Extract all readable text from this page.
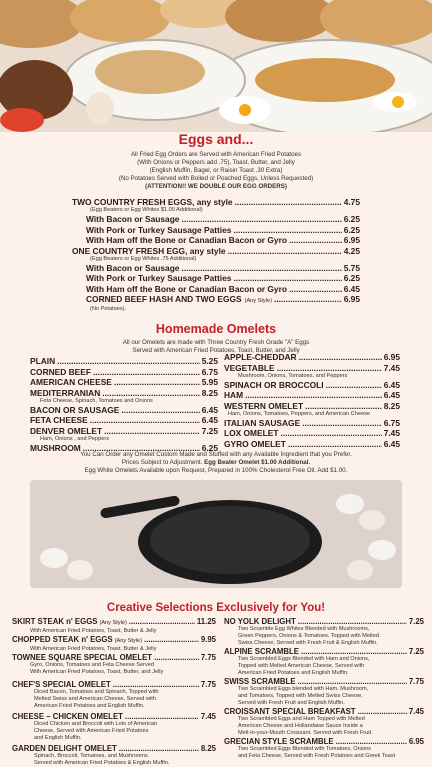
Eggs and...
All Fried Egg Orders are Served with American Fried Potatoes
(With Onions or Peppers add .75), Toast, Butter, and Jelly
(English Muffin, Bagel, or Raisin Toast .30 Extra)
(No Potatoes Served with Boiled or Poached Eggs, Unless Requested)
(ATTENTION!! WE DOUBLE OUR EGG ORDERS)
TWO COUNTRY FRESH EGGS, any style .....	4.75
(Egg Beaters or Egg Whites $1.00 Additional)
With Bacon or Sausage .....	6.25
With Pork or Turkey Sausage Patties .....	6.25
With Ham off the Bone or Canadian Bacon or Gyro .....	6.95
ONE COUNTRY FRESH EGG, any style .....	4.25
(Egg Beaters or Egg Whites .75 Additional)
With Bacon or Sausage .....	5.75
With Pork or Turkey Sausage Patties .....	6.25
With Ham off the Bone or Canadian Bacon or Gyro .....	6.45
CORNED BEEF HASH AND TWO EGGS (Any Style) .....	6.95
(No Potatoes).
Homemade Omelets
All our Omelets are made with Three Country Fresh Grade "A" Eggs
Served with American Fried Potatoes, Toast, Butter, and Jelly
PLAIN .....	5.25
CORNED BEEF .....	6.75
AMERICAN CHEESE .....	5.95
MEDITERRANIAN .....	8.25
Feta Cheese, Spinach, Tomatoes and Onions
BACON OR SAUSAGE .....	6.45
FETA CHEESE .....	6.45
DENVER OMELET .....	7.25
Ham, Onions , and Peppers
MUSHROOM .....	6.25
APPLE-CHEDDAR .....	6.95
VEGETABLE .....	7.45
Mushroom, Onions, Tomatoes, and Peppers
SPINACH OR BROCCOLI .....	6.45
HAM .....	6.45
WESTERN OMELET .....	8.25
Ham, Onions, Tomatoes, Peppers, and American Cheese
ITALIAN SAUSAGE .....	6.75
LOX OMELET .....	7.45
GYRO OMELET .....	6.45
You Can Order any Omelet Custom Made and Stuffed with any Available Ingredient that you Prefer.
Prices Subject to Adjustment. Egg Beater Omelet $1.00 Additional.
Egg White Omelets Available upon Request, Prepared in 100% Cholesterol Free Oil. Add $1.00.
Creative Selections Exclusively for You!
SKIRT STEAK n' EGGS (Any Style) .....	11.25
With American Fried Potatoes, Toast, Butter & Jelly
CHOPPED STEAK n' EGGS (Any Style) .....	9.95
With American Fried Potatoes, Toast, Butter & Jelly
TOWNEE SQUARE SPECIAL OMELET .....	7.75
Gyro, Onions, Tomatoes and Feta Cheese Served
With American Fried Potatoes, Toast, Butter, and Jelly
CHEF'S SPECIAL OMELET .....	7.75
Diced Bacon, Tomatoes and Spinach, Topped with
Melted Swiss and American Cheese, Served with
American Fried Potatoes and English Muffin.
CHEESE – CHICKEN OMELET .....	7.45
Diced Chicken and Broccoli with Lots of American
Cheese, Served with American Fried Potatoes
and English Muffin.
GARDEN DELIGHT OMELET .....	8.25
Spinach, Broccoli, Tomatoes, and Mushrooms.
Served with American Fried Potatoes & English Muffin.
NO YOLK DELIGHT .....	7.25
Two Scramble Egg Whites Blended with Mushrooms,
Green Peppers, Onions & Tomatoes, Topped with Melted
Swiss Cheese, Served with Fresh Fruit & English Muffin.
ALPINE SCRAMBLE .....	7.25
Two Scrambled Eggs Blended with Ham and Onions,
Topped with Melted American Cheese, Served with
American Fried Potatoes and English Muffin.
SWISS SCRAMBLE .....	7.75
Two Scrambled Eggs blended with Ham, Mushroom,
and Tomatoes, Topped with Melted Swiss Cheese,
Served with Fresh Fruit and English Muffin.
CROISSANT SPECIAL BREAKFAST .....	7.45
Two Scrambled Eggs and Ham Topped with Melted
American Cheese and Hollandaise Sauce Inside a
Melt-in-your-Mouth Croissant. Served with Fresh Fruit.
GRECIAN STYLE SCRAMBLE .....	6.95
Two Scrambled Eggs Blended with Tomatoes, Onions
and Feta Cheese, Served with Fresh Potatoes and Greek Toast
